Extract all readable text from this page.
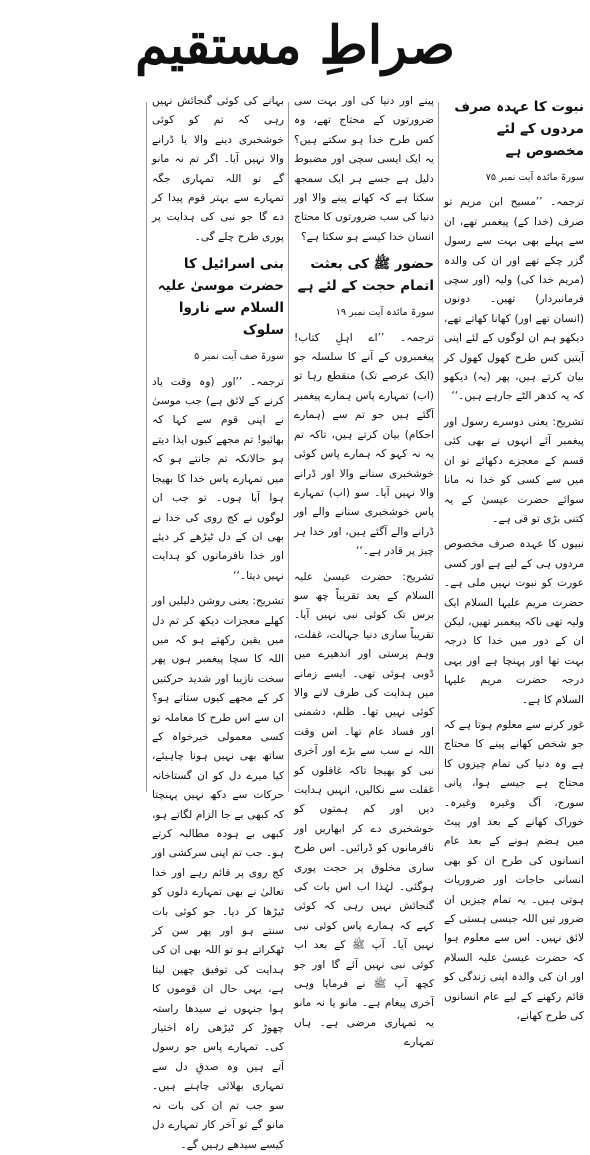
صراطِ مستقیم
نبوت کا عہدہ صرف مردوں کے لئے مخصوص ہے
سورۃ مائدہ آیت نمبر ۷۵

ترجمہ۔ ’’مسیح ابن مریم تو صرف (خدا کے) پیغمبر تھے، ان سے پہلے بھی بہت سے رسول گزر چکے تھے اور ان کی والدہ (مریم خدا کی) ولیہ (اور سچی فرمانبردار) تھیں۔ دونوں (انسان تھے اور) کھانا کھاتے تھے، دیکھو ہم ان لوگوں کے لئے اپنی آیتیں کس طرح کھول کھول کر بیان کرتے ہیں، پھر (یہ) دیکھو کہ یہ کدھر الٹے جارہے ہیں۔‘‘

تشریح: یعنی دوسرے رسول اور پیغمبر آئے انہوں نے بھی کئی قسم کے معجزے دکھائے تو ان میں سے کسی کو خدا نہ مانا سوائے حضرت عیسیٰ کے یہ کتنی بڑی تو قی ہے۔

نبیوں کا عہدہ صرف مخصوص مردوں ہی کے لیے ہے اور کسی عورت کو نبوت نہیں ملی ہے۔ حضرت مریم علیہا السلام ایک ولیہ تھی ناکہ پیغمبر تھیں، لیکن ان کے دور میں خدا کا درجہ بہت تھا اور پہنچا ہے اور یہی درجہ حضرت مریم علیہا السلام کا ہے۔

غور کرنے سے معلوم ہوتا ہے کہ جو شخص کھانے پینے کا محتاج ہے وہ دنیا کی تمام چیزوں کا محتاج ہے جیسے ہوا، پانی سورج، آگ وغیرہ وغیرہ۔ خوراک کھانے کے بعد اور پیٹ میں ہضم ہونے کے بعد عام انسانوں کی طرح ان کو بھی انسانی حاجات اور ضروریات ہوتی ہیں۔ یہ تمام چیزیں ان ضرور تیں اللہ جیسی ہستی کے لائق نہیں۔ اس سے معلوم ہوا کہ حضرت عیسیٰ علیہ السلام اور ان کی والدہ اپنی زندگی کو قائم رکھنے کے لیے عام انسانوں کی طرح کھانے،

پینے اور دنیا کی اور بہت سی ضرورتوں کے محتاج تھے، وہ کس طرح خدا ہو سکتے ہیں؟ یہ ایک ایسی سچی اور مضبوط دلیل ہے جسے ہر ایک سمجھ سکتا ہے کہ کھانے پینے والا اور دنیا کی سب ضرورتوں کا محتاج انسان خدا کیسے ہو سکتا ہے؟

حضور ﷺ کی بعثت اتمام حجت کے لئے ہے
سورۃ مائدہ آیت نمبر ۱۹

ترجمہ۔ ’’اے اہلِ کتاب! پیغمبروں کے آنے کا سلسلہ جو (ایک عرصے تک) منقطع رہا تو (اب) تمہارے پاس ہمارے پیغمبر آگئے ہیں جو تم سے (ہمارے احکام) بیان کرتے ہیں، تاکہ تم یہ نہ کہو کہ ہمارے پاس کوئی خوشخبری سنانے والا اور ڈرانے والا نہیں آیا۔ سو (اب) تمہارے پاس خوشخبری سنانے والے اور ڈرانے والے آگئے ہیں، اور خدا ہر چیز پر قادر ہے۔‘‘

تشریح: حضرت عیسیٰ علیہ السلام کے بعد تقریباً چھ سو برس تک کوئی نبی نہیں آیا۔ تقریباً ساری دنیا جہالت، غفلت، وہم پرستی اور اندھیرے میں ڈوبی ہوئی تھی۔ ایسے زمانے میں ہدایت کی طرف لانے والا کوئی نہیں تھا۔ ظلم، دشمنی اور فساد عام تھا۔ اس وقت اللہ نے سب سے بڑے اور آخری نبی کو بھیجا تاکہ غافلوں کو غفلت سے نکالیں، انہیں ہدایت دیں اور کم ہمتوں کو خوشخبری دے کر ابھاریں اور نافرمانوں کو ڈرائیں۔ اس طرح ساری مخلوق پر حجت پوری ہوگئی۔ لہٰذا اب اس بات کی گنجائش نہیں رہی کہ کوئی کہے کہ ہمارے پاس کوئی نبی نہیں آیا۔ آپ ﷺ کے بعد اب کوئی نبی نہیں آئے گا اور جو کچھ آپ ﷺ نے فرمایا وہی آخری پیغام ہے۔ مانو یا نہ مانو یہ تمہاری مرضی ہے۔ ہاں تمہارے

بہانے کی کوئی گنجائش نہیں رہی کہ تم کو کوئی خوشخبری دینے والا یا ڈرانے والا نہیں آیا۔ اگر تم نہ مانو گے تو اللہ تمہاری جگہ تمہارے سے بہتر قوم پیدا کر دے گا جو نبی کی ہدایت پر پوری طرح چلے گی۔

بنی اسرائیل کا حضرت موسیٰ علیہ السلام سے ناروا سلوک
سورۃ صف آیت نمبر ۵

ترجمہ۔ ’’اور (وہ وقت یاد کرنے کے لائق ہے) جب موسیٰ نے اپنی قوم سے کہا کہ بھائیو! تم مجھے کیوں ایذا دیتے ہو حالانکہ تم جانتے ہو کہ میں تمہارے پاس خدا کا بھیجا ہوا آیا ہوں۔ تو جب ان لوگوں نے کج روی کی خدا نے بھی ان کے دل ٹیڑھے کر دیئے اور خدا نافرمانوں کو ہدایت نہیں دیتا۔‘‘

تشریح: یعنی روشن دلیلیں اور کھلے معجزات دیکھ کر تم دل میں یقین رکھتے ہو کہ میں اللہ کا سچا پیغمبر ہوں پھر سخت نازیبا اور شدید حرکتیں کر کے مجھے کیوں ستاتے ہو؟ ان سے اس طرح کا معاملہ تو کسی معمولی خیرخواہ کے ساتھ بھی نہیں ہونا چاہیئے، کیا میرے دل کو ان گستاخانہ حرکات سے دکھ نہیں پہنچتا کہ کبھی بے جا الزام لگاتے ہو، کبھی بے ہودہ مطالبہ کرتے ہو۔ جب تم اپنی سرکشی اور کج روی پر قائم رہے اور خدا تعالیٰ نے بھی تمہارے دلوں کو ٹیڑھا کر دیا۔ جو کوئی بات سنتے ہو اور پھر سن کر ٹھکراتے ہو تو اللہ بھی ان کی ہدایت کی توفیق چھین لیتا ہے، یہی حال ان قوموں کا ہوا جنہوں نے سیدھا راستہ چھوڑ کر ٹیڑھی راہ اختیار کی۔ تمہارے پاس جو رسول آتے ہیں وہ صدقِ دل سے تمہاری بھلائی چاہتے ہیں۔ سو جب تم ان کی بات نہ مانو گے تو آخر کار تمہارے دل کیسے سیدھے رہیں گے۔
